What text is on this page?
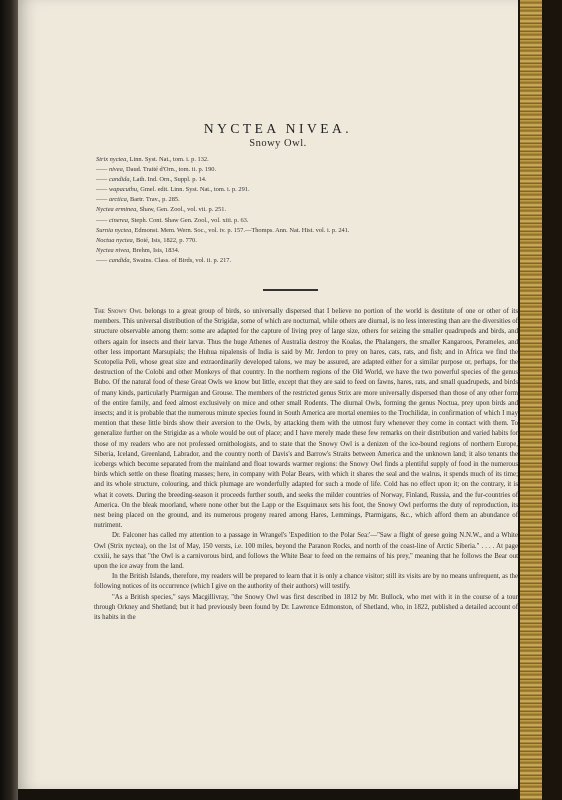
NYCTEA NIVEA.
Snowy Owl.
Strix nyctea, Linn. Syst. Nat., tom. i. p. 132.
—— nivea, Daud. Traité d'Orn., tom. ii. p. 190.
—— candida, Lath. Ind. Orn., Suppl. p. 14.
—— wapacuthu, Gmel. edit. Linn. Syst. Nat., tom. i. p. 291.
—— arctica, Bartr. Trav., p. 285.
Nyctea erminea, Shaw, Gen. Zool., vol. vii. p. 251.
—— cinerea, Steph. Cont. Shaw Gen. Zool., vol. xiii. p. 63.
Surnia nyctea, Edmonst. Mem. Wern. Soc., vol. iv. p. 157.—Thomps. Ann. Nat. Hist. vol. i. p. 241.
Noctua nyctea, Boié, Isis, 1822, p. 770.
Nyctea nivea, Brehm, Isis, 1834.
—— candida, Swains. Class. of Birds, vol. ii. p. 217.

The Snowy Owl belongs to a great group of birds, so universally dispersed that I believe no portion of the world is destitute of one or other of its members. This universal distribution of the Strigidæ, some of which are nocturnal, while others are diurnal, is no less interesting than are the diversities of structure observable among them: some are adapted for the capture of living prey of large size, others for seizing the smaller quadrupeds and birds, and others again for insects and their larvæ. Thus the huge Athenes of Australia destroy the Koalas, the Phalangers, the smaller Kangaroos, Perameles, and other less important Marsupials; the Huhua nipalensis of India is said by Mr. Jerdon to prey on hares, cats, rats, and fish; and in Africa we find the Scotopelia Peli, whose great size and extraordinarily developed talons, we may be assured, are adapted either for a similar purpose or, perhaps, for the destruction of the Colobi and other Monkeys of that country. In the northern regions of the Old World, we have the two powerful species of the genus Bubo. Of the natural food of these Great Owls we know but little, except that they are said to feed on fawns, hares, rats, and small quadrupeds, and birds of many kinds, particularly Ptarmigan and Grouse. The members of the restricted genus Strix are more universally dispersed than those of any other form of the entire family, and feed almost exclusively on mice and other small Rodents. The diurnal Owls, forming the genus Noctua, prey upon birds and insects; and it is probable that the numerous minute species found in South America are mortal enemies to the Trochilidæ, in confirmation of which I may mention that these little birds show their aversion to the Owls, by attacking them with the utmost fury whenever they come in contact with them. To generalize further on the Strigidæ as a whole would be out of place; and I have merely made these few remarks on their distribution and varied habits for those of my readers who are not professed ornithologists, and to state that the Snowy Owl is a denizen of the ice-bound regions of northern Europe, Siberia, Iceland, Greenland, Labrador, and the country north of Davis's and Barrow's Straits between America and the unknown land; it also tenants the icebergs which become separated from the mainland and float towards warmer regions: the Snowy Owl finds a plentiful supply of food in the numerous birds which settle on these floating masses; here, in company with Polar Bears, with which it shares the seal and the walrus, it spends much of its time; and its whole structure, colouring, and thick plumage are wonderfully adapted for such a mode of life. Cold has no effect upon it; on the contrary, it is what it covets. During the breeding-season it proceeds further south, and seeks the milder countries of Norway, Finland, Russia, and the fur-countries of America. On the bleak moorland, where none other but the Lapp or the Esquimaux sets his foot, the Snowy Owl performs the duty of reproduction, its nest being placed on the ground, and its numerous progeny reared among Hares, Lemmings, Ptarmigans, &c., which afford them an abundance of nutriment.

Dr. Falconer has called my attention to a passage in Wrangel's 'Expedition to the Polar Sea:'—"Saw a flight of geese going N.N.W., and a White Owl (Strix nyctea), on the 1st of May, 150 versts, i.e. 100 miles, beyond the Paranon Rocks, and north of the coast-line of Arctic Siberia." . . . . At page cxxiii, he says that "the Owl is a carnivorous bird, and follows the White Bear to feed on the remains of his prey," meaning that he follows the Bear out upon the ice away from the land.

In the British Islands, therefore, my readers will be prepared to learn that it is only a chance visitor; still its visits are by no means unfrequent, as the following notices of its occurrence (which I give on the authority of their authors) will testify.

"As a British species," says Macgillivray, "the Snowy Owl was first described in 1812 by Mr. Bullock, who met with it in the course of a tour through Orkney and Shetland; but it had previously been found by Dr. Lawrence Edmonston, of Shetland, who, in 1822, published a detailed account of its habits in the
